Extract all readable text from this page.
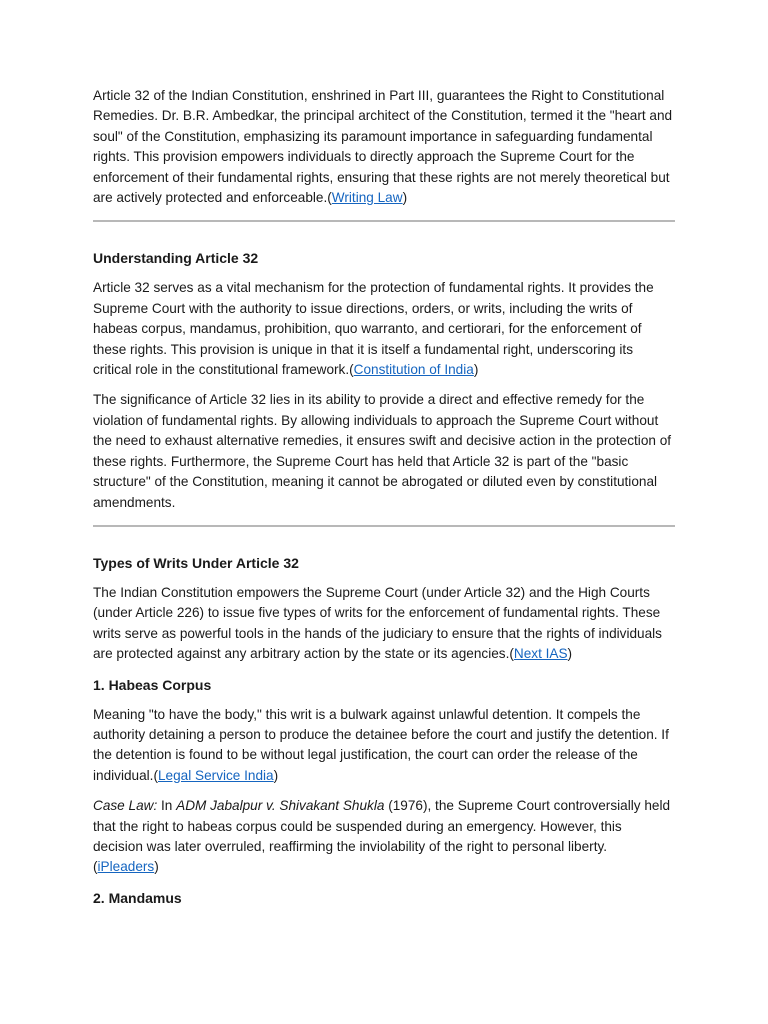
Article 32 of the Indian Constitution, enshrined in Part III, guarantees the Right to Constitutional Remedies. Dr. B.R. Ambedkar, the principal architect of the Constitution, termed it the "heart and soul" of the Constitution, emphasizing its paramount importance in safeguarding fundamental rights. This provision empowers individuals to directly approach the Supreme Court for the enforcement of their fundamental rights, ensuring that these rights are not merely theoretical but are actively protected and enforceable.(Writing Law)

Understanding Article 32

Article 32 serves as a vital mechanism for the protection of fundamental rights. It provides the Supreme Court with the authority to issue directions, orders, or writs, including the writs of habeas corpus, mandamus, prohibition, quo warranto, and certiorari, for the enforcement of these rights. This provision is unique in that it is itself a fundamental right, underscoring its critical role in the constitutional framework.(Constitution of India)

The significance of Article 32 lies in its ability to provide a direct and effective remedy for the violation of fundamental rights. By allowing individuals to approach the Supreme Court without the need to exhaust alternative remedies, it ensures swift and decisive action in the protection of these rights. Furthermore, the Supreme Court has held that Article 32 is part of the "basic structure" of the Constitution, meaning it cannot be abrogated or diluted even by constitutional amendments.

Types of Writs Under Article 32

The Indian Constitution empowers the Supreme Court (under Article 32) and the High Courts (under Article 226) to issue five types of writs for the enforcement of fundamental rights. These writs serve as powerful tools in the hands of the judiciary to ensure that the rights of individuals are protected against any arbitrary action by the state or its agencies.(Next IAS)

1. Habeas Corpus

Meaning "to have the body," this writ is a bulwark against unlawful detention. It compels the authority detaining a person to produce the detainee before the court and justify the detention. If the detention is found to be without legal justification, the court can order the release of the individual.(Legal Service India)

Case Law: In ADM Jabalpur v. Shivakant Shukla (1976), the Supreme Court controversially held that the right to habeas corpus could be suspended during an emergency. However, this decision was later overruled, reaffirming the inviolability of the right to personal liberty.
(iPleaders)

2. Mandamus
